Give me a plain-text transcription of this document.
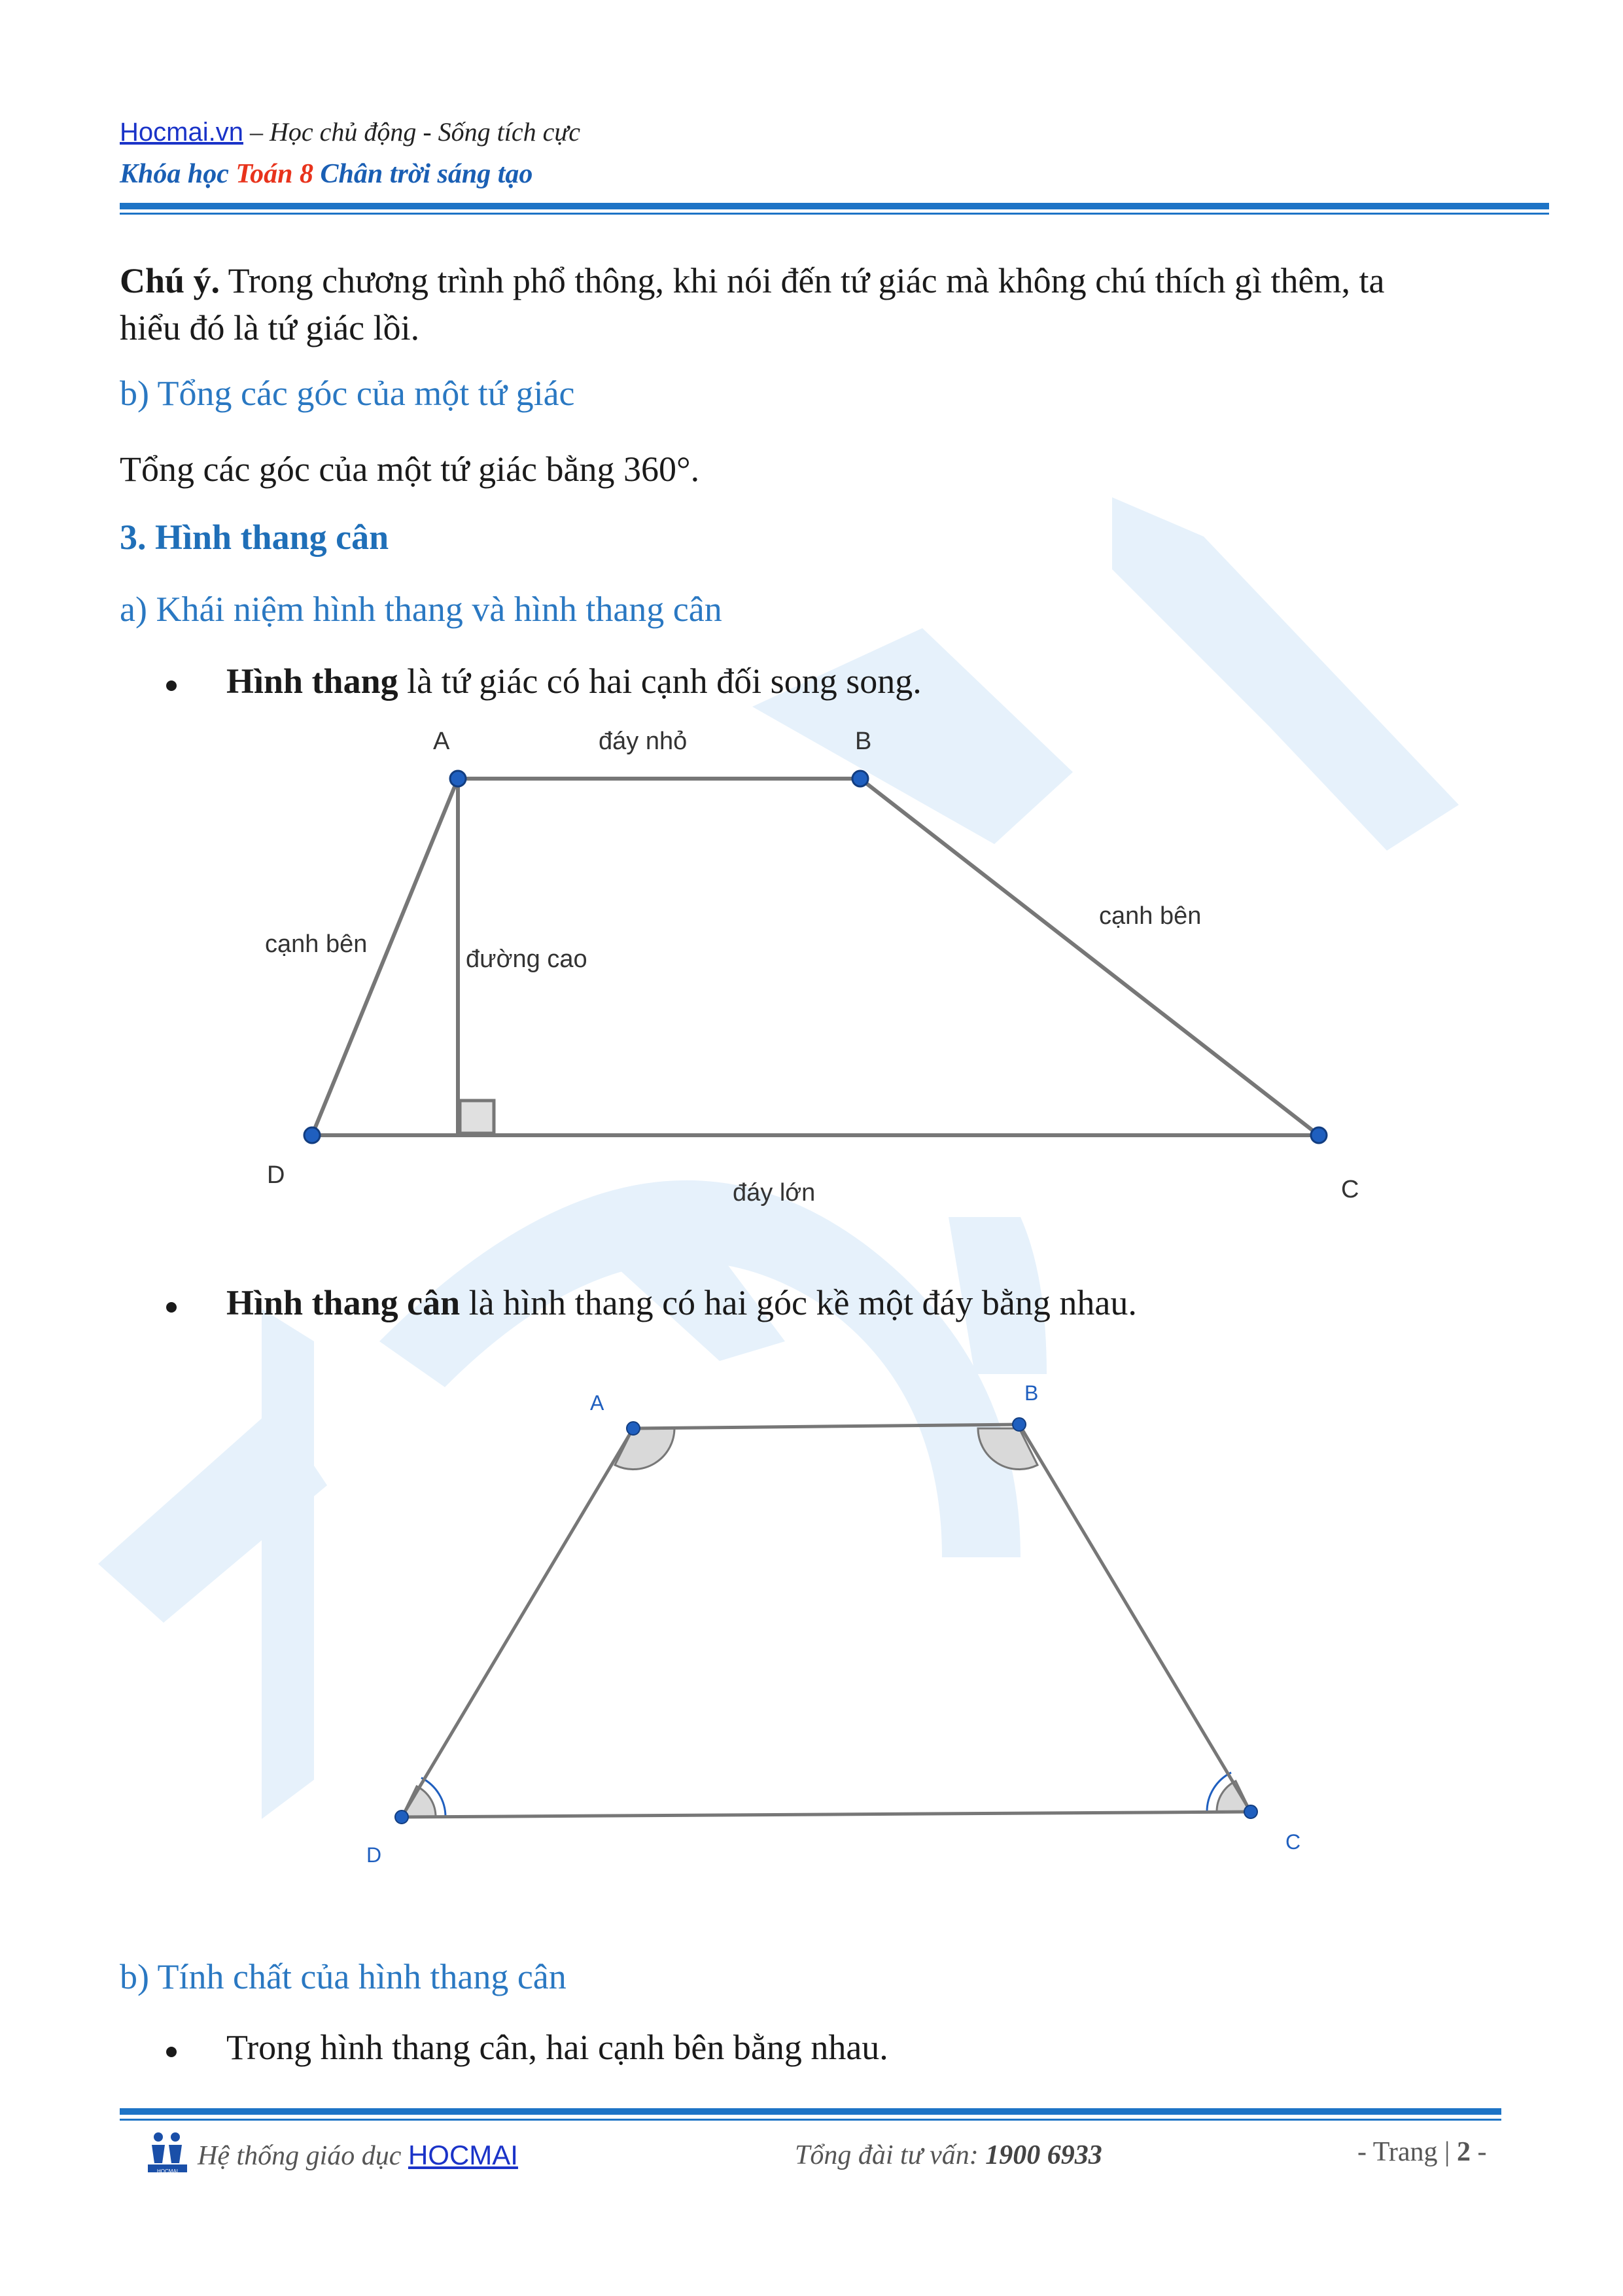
Hocmai.vn – Học chủ động - Sống tích cực
Khóa học Toán 8 Chân trời sáng tạo
Chú ý. Trong chương trình phổ thông, khi nói đến tứ giác mà không chú thích gì thêm, ta
hiểu đó là tứ giác lồi.
b) Tổng các góc của một tứ giác
Tổng các góc của một tứ giác bằng 360°.
3. Hình thang cân
a) Khái niệm hình thang và hình thang cân
Hình thang là tứ giác có hai cạnh đối song song.
A	B
C
D
đáy nhỏ
đáy lớn
cạnh bên
cạnh bên
đường cao
Hình thang cân là hình thang có hai góc kề một đáy bằng nhau.
A	B
C
D
b) Tính chất của hình thang cân
Trong hình thang cân, hai cạnh bên bằng nhau.
HOCMAI
Hệ thống giáo dục HOCMAI	Tổng đài tư vấn: 1900 6933	- Trang | 2 -
